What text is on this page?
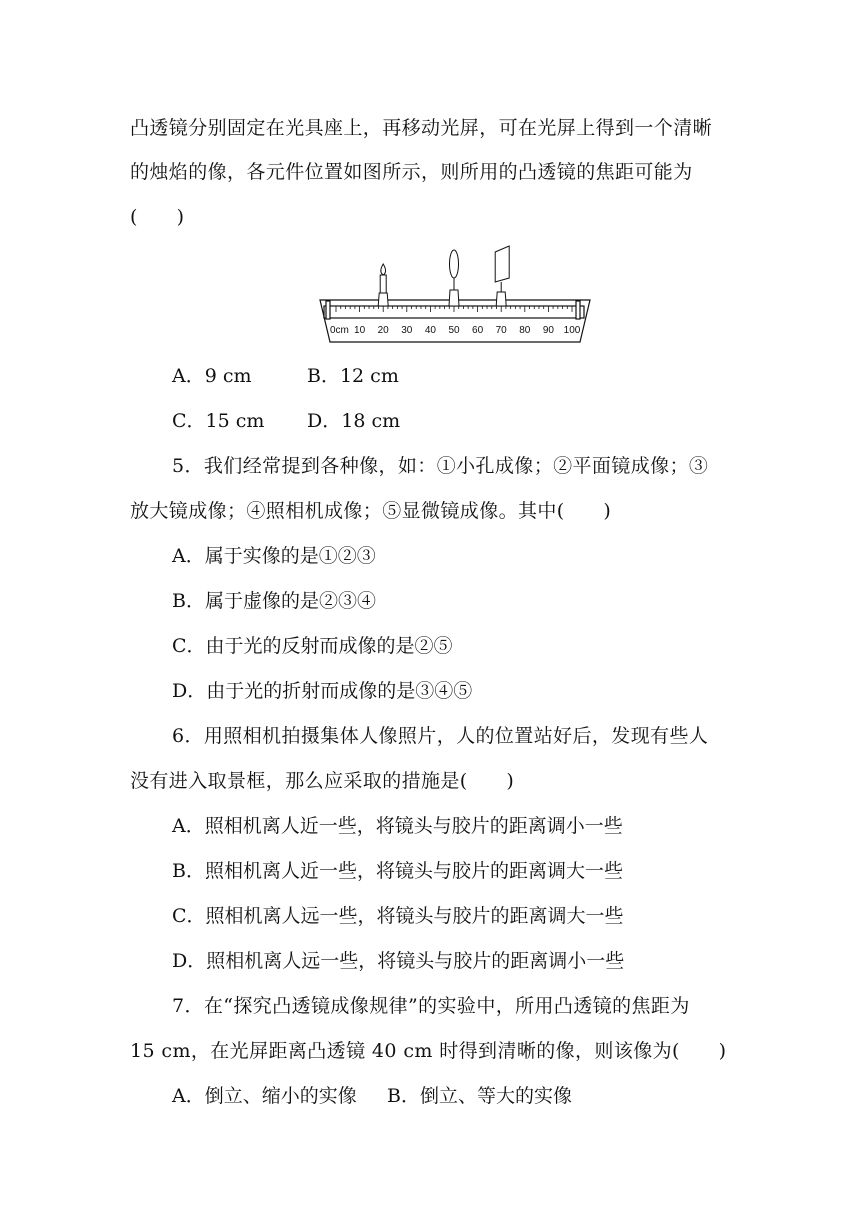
凸透镜分别固定在光具座上，再移动光屏，可在光屏上得到一个清晰
的烛焰的像，各元件位置如图所示，则所用的凸透镜的焦距可能为
(　　)
0cm 10 20 30 40 50 60 70 80 90 100
A．9 cm	B．12 cm
C．15 cm D．18 cm
5．我们经常提到各种像，如：①小孔成像；②平面镜成像；③
放大镜成像；④照相机成像；⑤显微镜成像。其中(　　)
A．属于实像的是①②③
B．属于虚像的是②③④
C．由于光的反射而成像的是②⑤
D．由于光的折射而成像的是③④⑤
6．用照相机拍摄集体人像照片，人的位置站好后，发现有些人
没有进入取景框，那么应采取的措施是(　　)
A．照相机离人近一些，将镜头与胶片的距离调小一些
B．照相机离人近一些，将镜头与胶片的距离调大一些
C．照相机离人远一些，将镜头与胶片的距离调大一些
D．照相机离人远一些，将镜头与胶片的距离调小一些
7．在“探究凸透镜成像规律”的实验中，所用凸透镜的焦距为
15 cm，在光屏距离凸透镜 40 cm 时得到清晰的像，则该像为(　　)
A．倒立、缩小的实像 B．倒立、等大的实像
